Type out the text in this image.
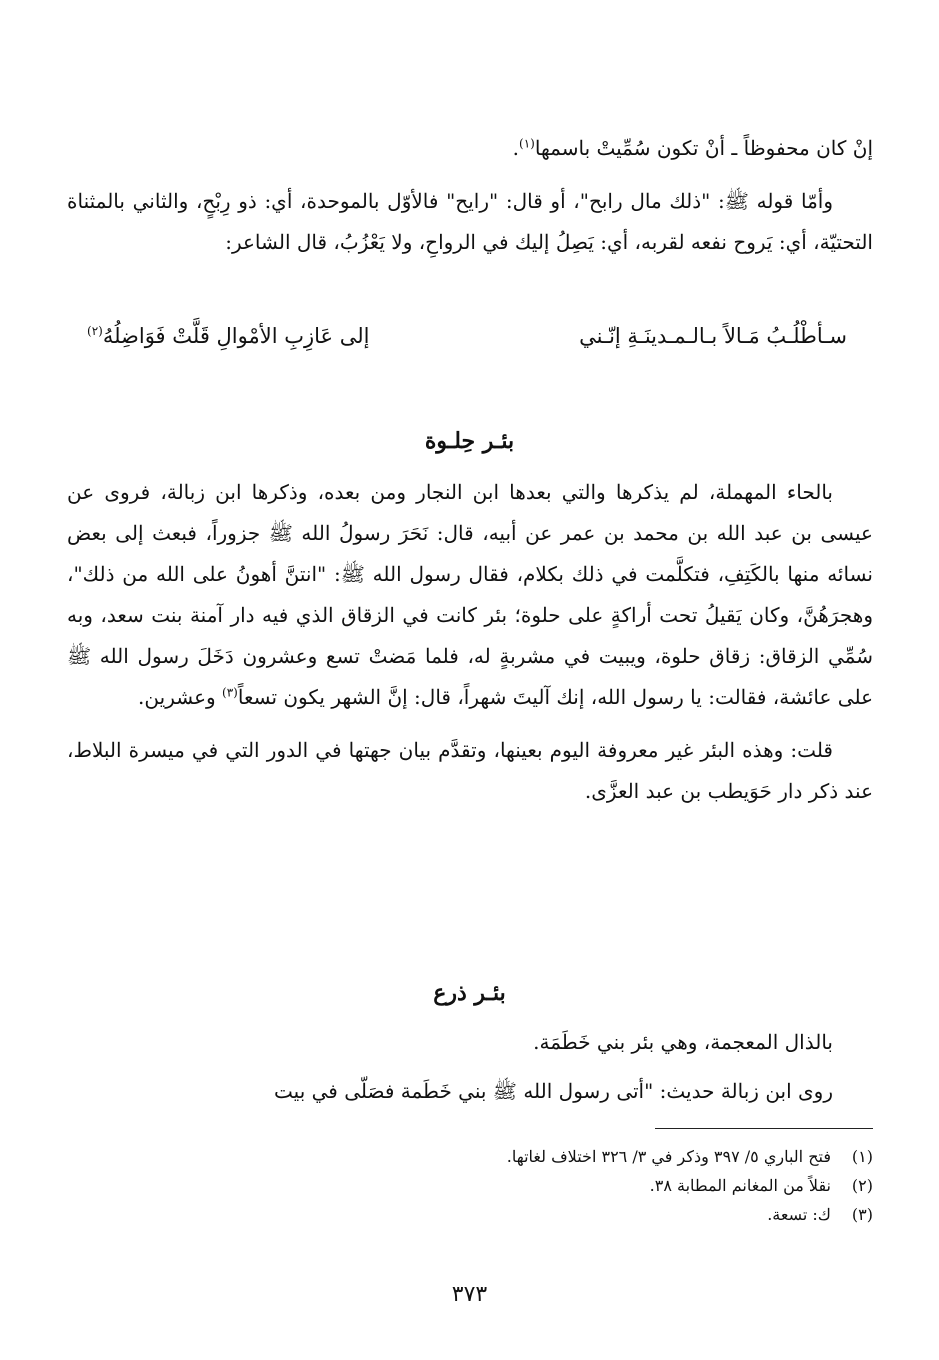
إنْ كان محفوظاً ـ أنْ تكون سُمِّيتْ باسمها$^{(١)}$.

وأمّا قوله ﷺ: "ذلك مال رابح"، أو قال: "رايح" فالأوّل بالموحدة، أي: ذو رِبْحٍ، والثاني بالمثناة التحتيّة، أي: يَروح نفعه لقربه، أي: يَصِلُ إليك في الرواحِ، ولا يَعْزُبُ، قال الشاعر:

سـأطْلُـبُ مَـالاً بـالـمـدينَـةِ إنّـني
إلى عَازِبِ الأمْوالِ قَلَّتْ فَوَاضِلُهُ$^{(٢)}$
بئـر حِلـوة

بالحاء المهملة، لم يذكرها والتي بعدها ابن النجار ومن بعده، وذكرها ابن زبالة، فروى عن عيسى بن عبد الله بن محمد بن عمر عن أبيه، قال: نَحَرَ رسولُ الله ﷺ جزوراً، فبعث إلى بعض نسائه منها بالكَتِفِ، فتكلَّمت في ذلك بكلام، فقال رسول الله ﷺ: "انتنَّ أهونُ على الله من ذلك"، وهجرَهُنَّ، وكان يَقيلُ تحت أراكةٍ على حلوة؛ بئر كانت في الزقاق الذي فيه دار آمنة بنت سعد، وبه سُمِّي الزقاق: زقاق حلوة، ويبيت في مشربةٍ له، فلما مَضتْ تسع وعشرون دَخَلَ رسول الله ﷺ على عائشة، فقالت: يا رسول الله، إنك آليتَ شهراً، قال: إنَّ الشهر يكون تسعاً$^{(٣)}$ وعشرين.

قلت: وهذه البئر غير معروفة اليوم بعينها، وتقدَّم بيان جهتها في الدور التي في ميسرة البلاط، عند ذكر دار حَوَيطب بن عبد العزَّى.

بئـر ذرع

بالذال المعجمة، وهي بئر بني خَطَمَة.

روى ابن زبالة حديث: "أتى رسول الله ﷺ بني خَطَمة فصَلّى في بيت

(١)
فتح الباري ٥/ ٣٩٧ وذكر في ٣/ ٣٢٦ اختلاف لغاتها.
(٢)
نقلاً من المغانم المطابة ٣٨.
(٣)
ك: تسعة.
٣٧٣
